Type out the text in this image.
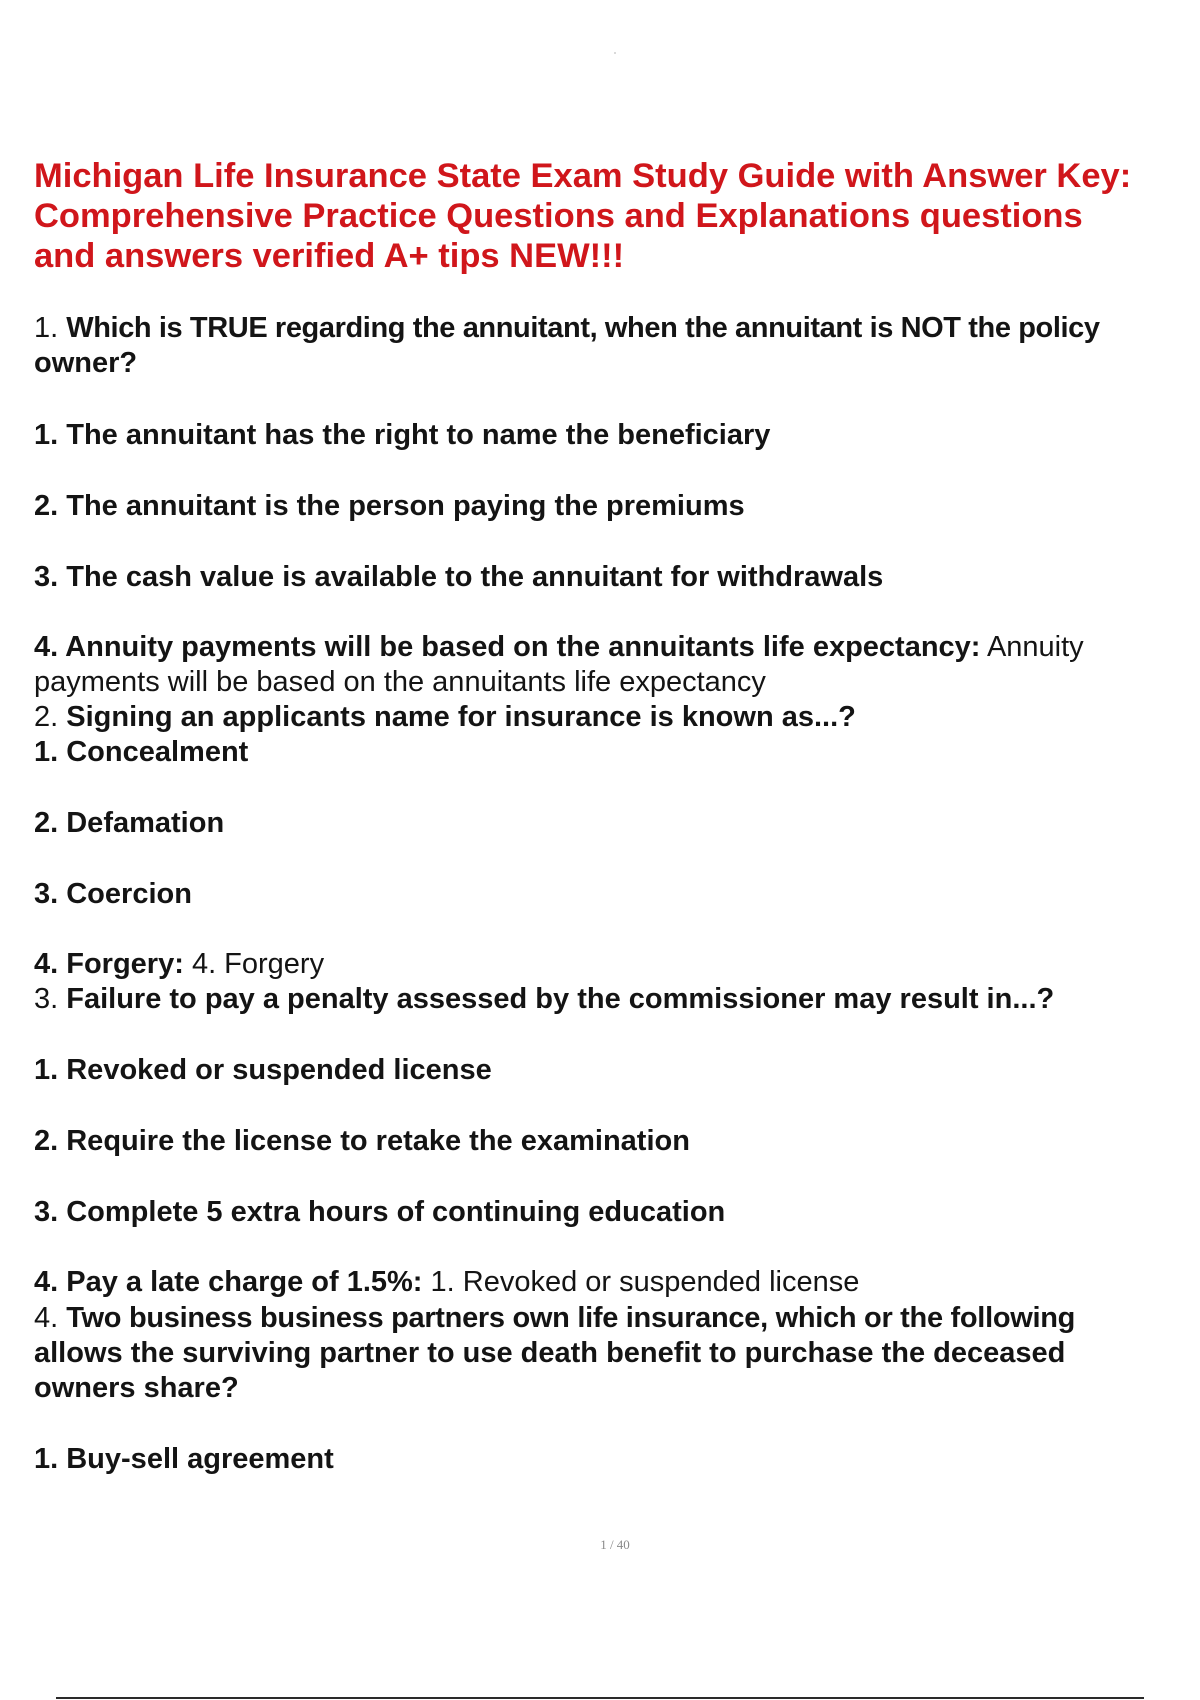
Michigan Life Insurance State Exam Study Guide with Answer Key:
Comprehensive Practice Questions and Explanations questions
and answers verified A+ tips NEW!!!
1. Which is TRUE regarding the annuitant, when the annuitant is NOT the policy
owner?
1. The annuitant has the right to name the beneficiary
2. The annuitant is the person paying the premiums
3. The cash value is available to the annuitant for withdrawals
4. Annuity payments will be based on the annuitants life expectancy: Annuity
payments will be based on the annuitants life expectancy
2. Signing an applicants name for insurance is known as...?
1. Concealment
2. Defamation
3. Coercion
4. Forgery: 4. Forgery
3. Failure to pay a penalty assessed by the commissioner may result in...?
1. Revoked or suspended license
2. Require the license to retake the examination
3. Complete 5 extra hours of continuing education
4. Pay a late charge of 1.5%: 1. Revoked or suspended license
4. Two business business partners own life insurance, which or the following
allows the surviving partner to use death benefit to purchase the deceased
owners share?
1. Buy-sell agreement
1 / 40
